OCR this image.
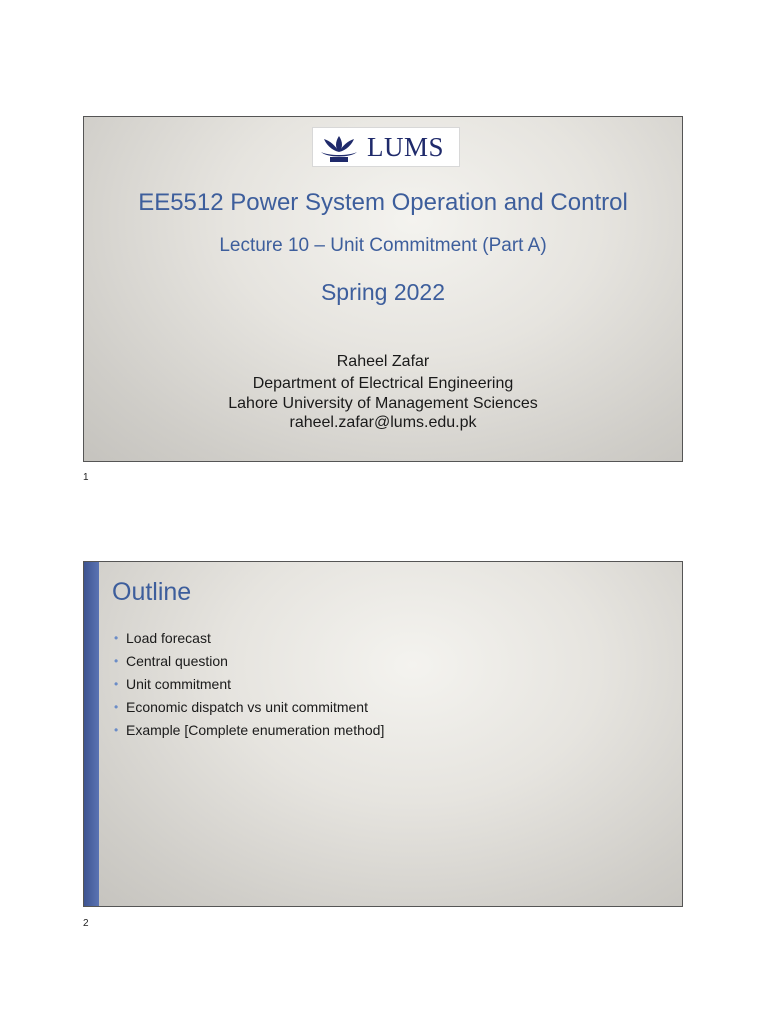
LUMS
EE5512 Power System Operation and Control
Lecture 10 – Unit Commitment (Part A)
Spring 2022
Raheel Zafar
Department of Electrical Engineering
Lahore University of Management Sciences
raheel.zafar@lums.edu.pk
1
Outline
• Load forecast
• Central question
• Unit commitment
• Economic dispatch vs unit commitment
• Example [Complete enumeration method]
2
